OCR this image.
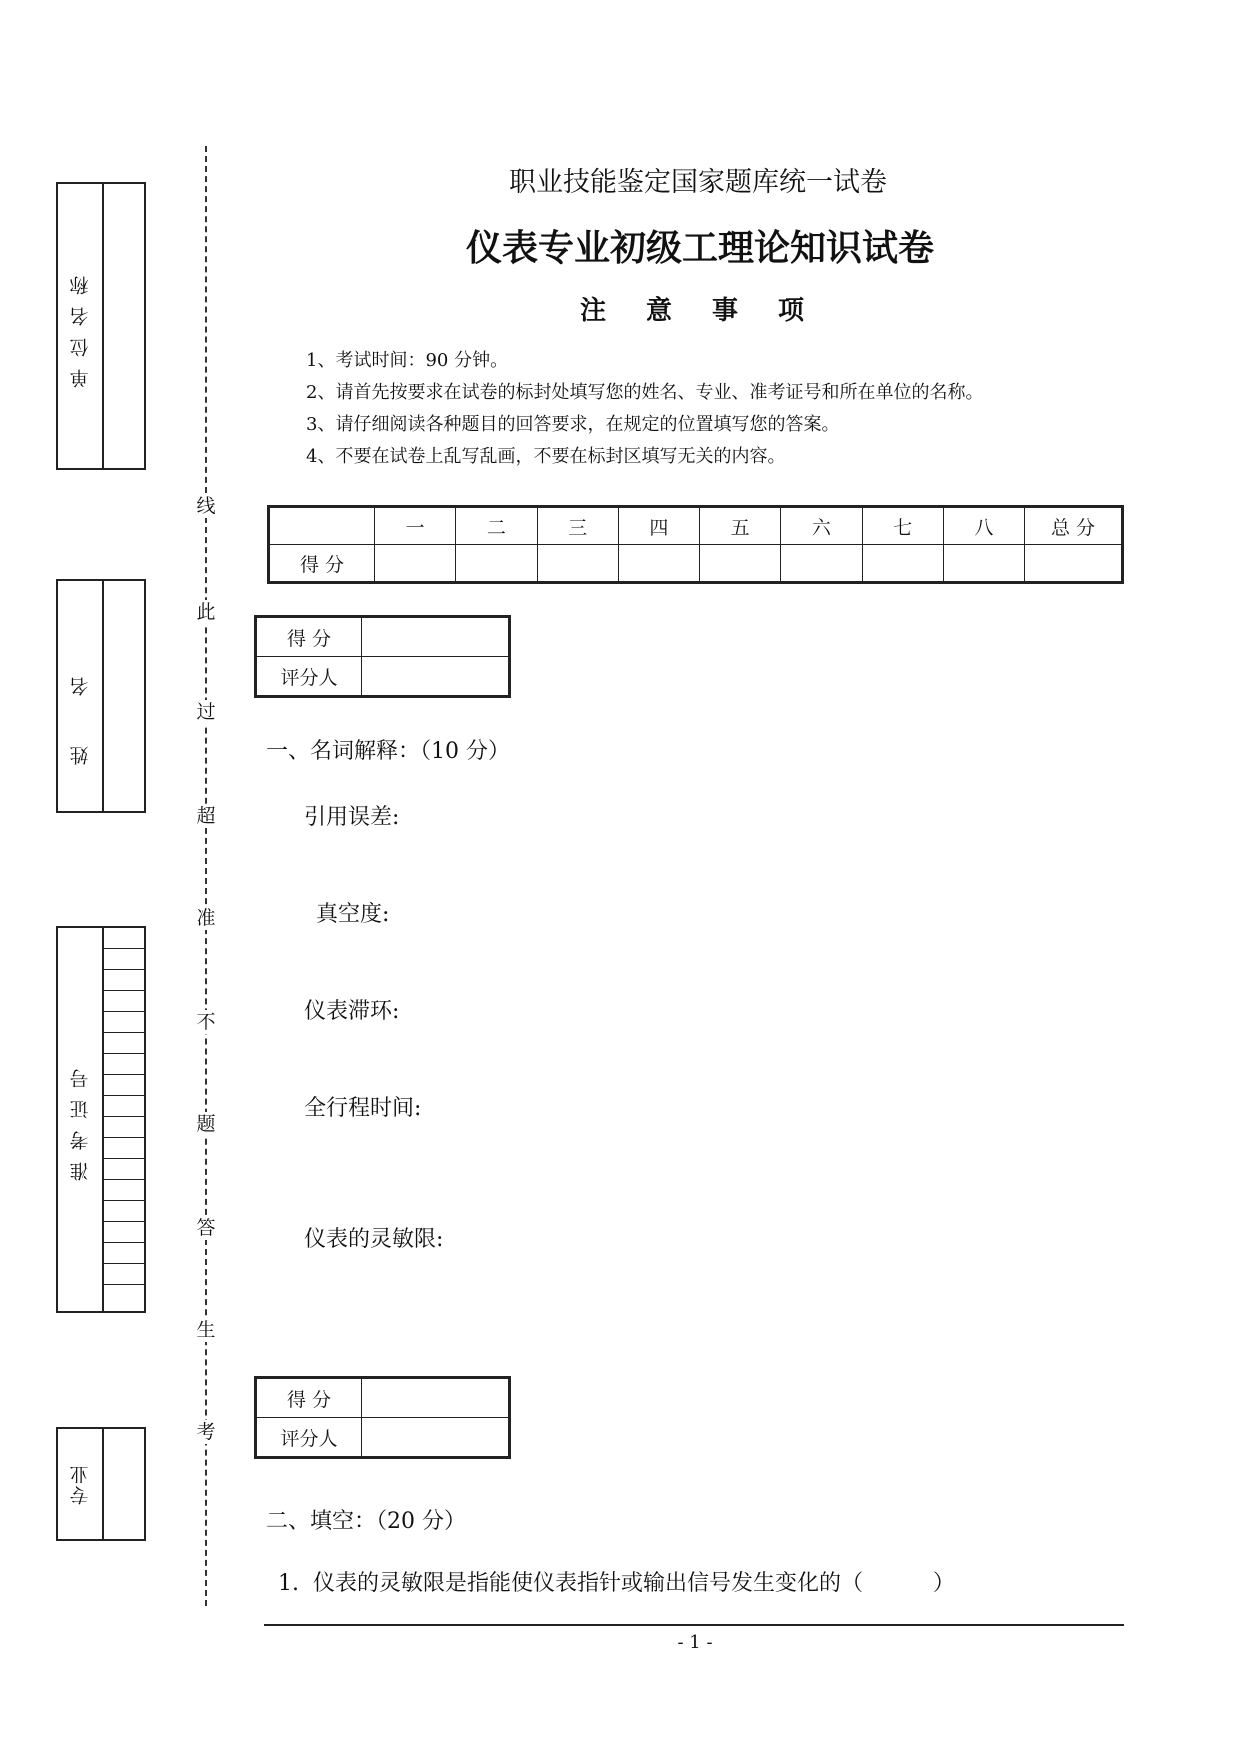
单位名称
姓名
准考证号
专业
线
此
过
超
准
不
题
答
生
考
职业技能鉴定国家题库统一试卷
仪表专业初级工理论知识试卷
注意事项
1、考试时间：90 分钟。
2、请首先按要求在试卷的标封处填写您的姓名、专业、准考证号和所在单位的名称。
3、请仔细阅读各种题目的回答要求，在规定的位置填写您的答案。
4、不要在试卷上乱写乱画，不要在标封区填写无关的内容。
	一	二	三	四	五	六	七	八	总 分
得 分									
得 分	
评分人	
一、名词解释：（10 分）
引用误差:
真空度:
仪表滞环:
全行程时间:
仪表的灵敏限:
得 分	
评分人	
二、填空：（20 分）
1.  仪表的灵敏限是指能使仪表指针或输出信号发生变化的（          ）
- 1 -
